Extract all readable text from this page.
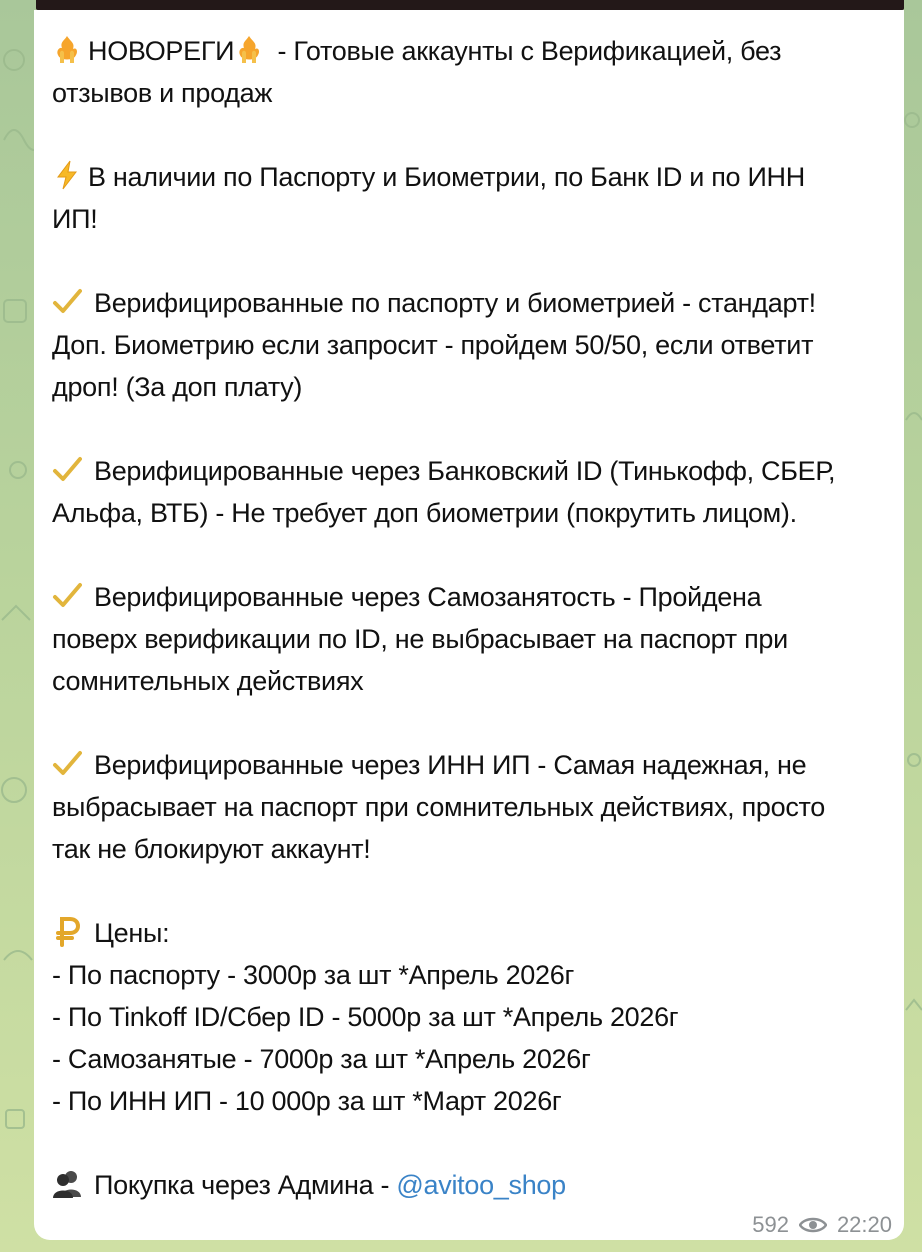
НОВОРЕГИ - Готовые аккаунты с Верификацией, без
отзывов и продаж
В наличии по Паспорту и Биометрии, по Банк ID и по ИНН
ИП!
Верифицированные по паспорту и биометрией - стандарт!
Доп. Биометрию если запросит - пройдем 50/50, если ответит
дроп! (За доп плату)
Верифицированные через Банковский ID (Тинькофф, СБЕР,
Альфа, ВТБ) - Не требует доп биометрии (покрутить лицом).
Верифицированные через Самозанятость - Пройдена
поверх верификации по ID, не выбрасывает на паспорт при
сомнительных действиях
Верифицированные через ИНН ИП - Самая надежная, не
выбрасывает на паспорт при сомнительных действиях, просто
так не блокируют аккаунт!
Цены:
- По паспорту - 3000р за шт *Апрель 2026г
- По Tinkoff ID/Сбер ID - 5000р за шт *Апрель 2026г
- Самозанятые - 7000р за шт *Апрель 2026г
- По ИНН ИП - 10 000р за шт *Март 2026г
Покупка через Админа - @avitoo_shop
592 22:20
